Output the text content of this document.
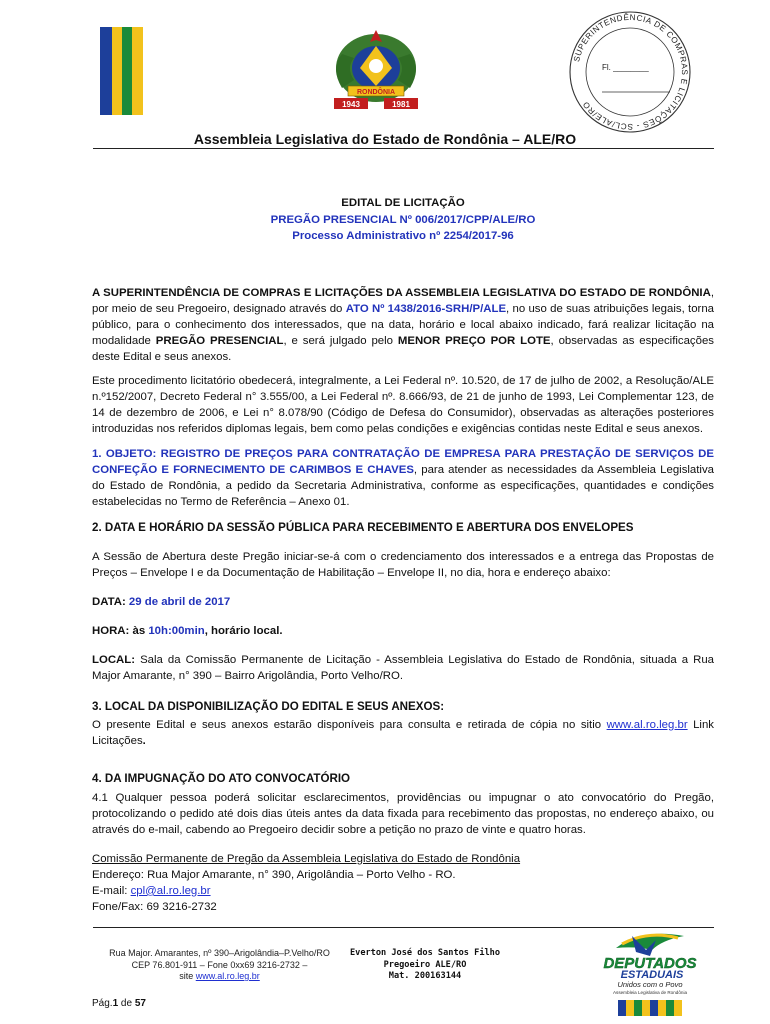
RONDÔNIA
1943	1981
SUPERINTENDÊNCIA DE COMPRAS E LICITAÇÕES - SCL/ALE/RO
Fl. ________
Assembleia Legislativa do Estado de Rondônia – ALE/RO
EDITAL DE LICITAÇÃO
PREGÃO PRESENCIAL Nº 006/2017/CPP/ALE/RO
Processo Administrativo nº 2254/2017-96
A SUPERINTENDÊNCIA DE COMPRAS E LICITAÇÕES DA ASSEMBLEIA LEGISLATIVA DO ESTADO DE RONDÔNIA, por meio de seu Pregoeiro, designado através do ATO Nº 1438/2016-SRH/P/ALE, no uso de suas atribuições legais, torna público, para o conhecimento dos interessados, que na data, horário e local abaixo indicado, fará realizar licitação na modalidade PREGÃO PRESENCIAL, e será julgado pelo MENOR PREÇO POR LOTE, observadas as especificações deste Edital e seus anexos.
Este procedimento licitatório obedecerá, integralmente, a Lei Federal nº. 10.520, de 17 de julho de 2002, a Resolução/ALE n.º152/2007, Decreto Federal n° 3.555/00, a Lei Federal nº. 8.666/93, de 21 de junho de 1993, Lei Complementar 123, de 14 de dezembro de 2006, e Lei n° 8.078/90 (Código de Defesa do Consumidor), observadas as alterações posteriores introduzidas nos referidos diplomas legais, bem como pelas condições e exigências contidas neste Edital e seus anexos.
1. OBJETO: REGISTRO DE PREÇOS PARA CONTRATAÇÃO DE EMPRESA PARA PRESTAÇÃO DE SERVIÇOS DE CONFEÇÃO E FORNECIMENTO DE CARIMBOS E CHAVES, para atender as necessidades da Assembleia Legislativa do Estado de Rondônia, a pedido da Secretaria Administrativa, conforme as especificações, quantidades e condições estabelecidas no Termo de Referência – Anexo 01.
2. DATA E HORÁRIO DA SESSÃO PÚBLICA PARA RECEBIMENTO E ABERTURA DOS ENVELOPES
A Sessão de Abertura deste Pregão iniciar-se-á com o credenciamento dos interessados e a entrega das Propostas de Preços – Envelope I e da Documentação de Habilitação – Envelope II, no dia, hora e endereço abaixo:
DATA: 29 de abril de 2017
HORA: às 10h:00min, horário local.
LOCAL: Sala da Comissão Permanente de Licitação - Assembleia Legislativa do Estado de Rondônia, situada a Rua Major Amarante, n° 390 – Bairro Arigolândia, Porto Velho/RO.
3. LOCAL DA DISPONIBILIZAÇÃO DO EDITAL E SEUS ANEXOS:
O presente Edital e seus anexos estarão disponíveis para consulta e retirada de cópia no sitio www.al.ro.leg.br Link Licitações.
4. DA IMPUGNAÇÃO DO ATO CONVOCATÓRIO
4.1 Qualquer pessoa poderá solicitar esclarecimentos, providências ou impugnar o ato convocatório do Pregão, protocolizando o pedido até dois dias úteis antes da data fixada para recebimento das propostas, no endereço abaixo, ou através do e-mail, cabendo ao Pregoeiro decidir sobre a petição no prazo de vinte e quatro horas.
Comissão Permanente de Pregão da Assembleia Legislativa do Estado de Rondônia
Endereço: Rua Major Amarante, n° 390, Arigolândia – Porto Velho - RO.
E-mail: cpl@al.ro.leg.br
Fone/Fax: 69 3216-2732
Rua Major. Amarantes, nº 390–Arigolândia–P.Velho/RO
CEP 76.801-911 – Fone 0xx69 3216-2732 –
site www.al.ro.leg.br
Everton José dos Santos Filho
Pregoeiro ALE/RO
Mat. 200163144
DEPUTADOS
ESTADUAIS
Unidos com o Povo
Assembleia Legislativa de Rondônia
Pág.1 de 57
